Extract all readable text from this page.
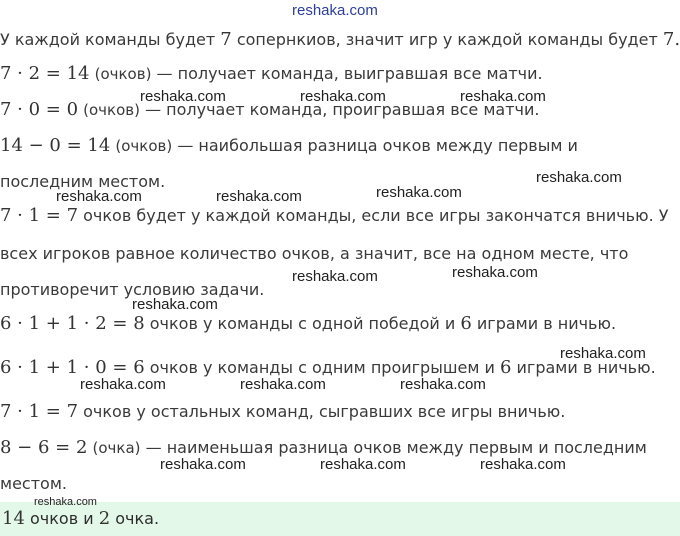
reshaka.com
У каждой команды будет 7 сопернкиов, значит игр у каждой команды будет 7.
7 · 2 = 14 (очков) — получает команда, выигравшая все матчи.
7 · 0 = 0 (очков) — получает команда, проигравшая все матчи.
14 − 0 = 14 (очков) — наибольшая разница очков между первым и
последним местом.
7 · 1 = 7 очков будет у каждой команды, если все игры закончатся вничью. У
всех игроков равное количество очков, а значит, все на одном месте, что
противоречит условию задачи.
6 · 1 + 1 · 2 = 8 очков у команды с одной победой и 6 играми в ничью.
6 · 1 + 1 · 0 = 6 очков у команды с одним проигрышем и 6 играми в ничью.
7 · 1 = 7 очков у остальных команд, сыгравших все игры вничью.
8 − 6 = 2 (очка) — наименьшая разница очков между первым и последним
местом.
14 очков и 2 очка.
reshaka.com	reshaka.com	reshaka.com
reshaka.com
reshaka.com	reshaka.com	reshaka.com
reshaka.com
reshaka.com
reshaka.com
reshaka.com
reshaka.com	reshaka.com	reshaka.com
reshaka.com	reshaka.com	reshaka.com
reshaka.com
